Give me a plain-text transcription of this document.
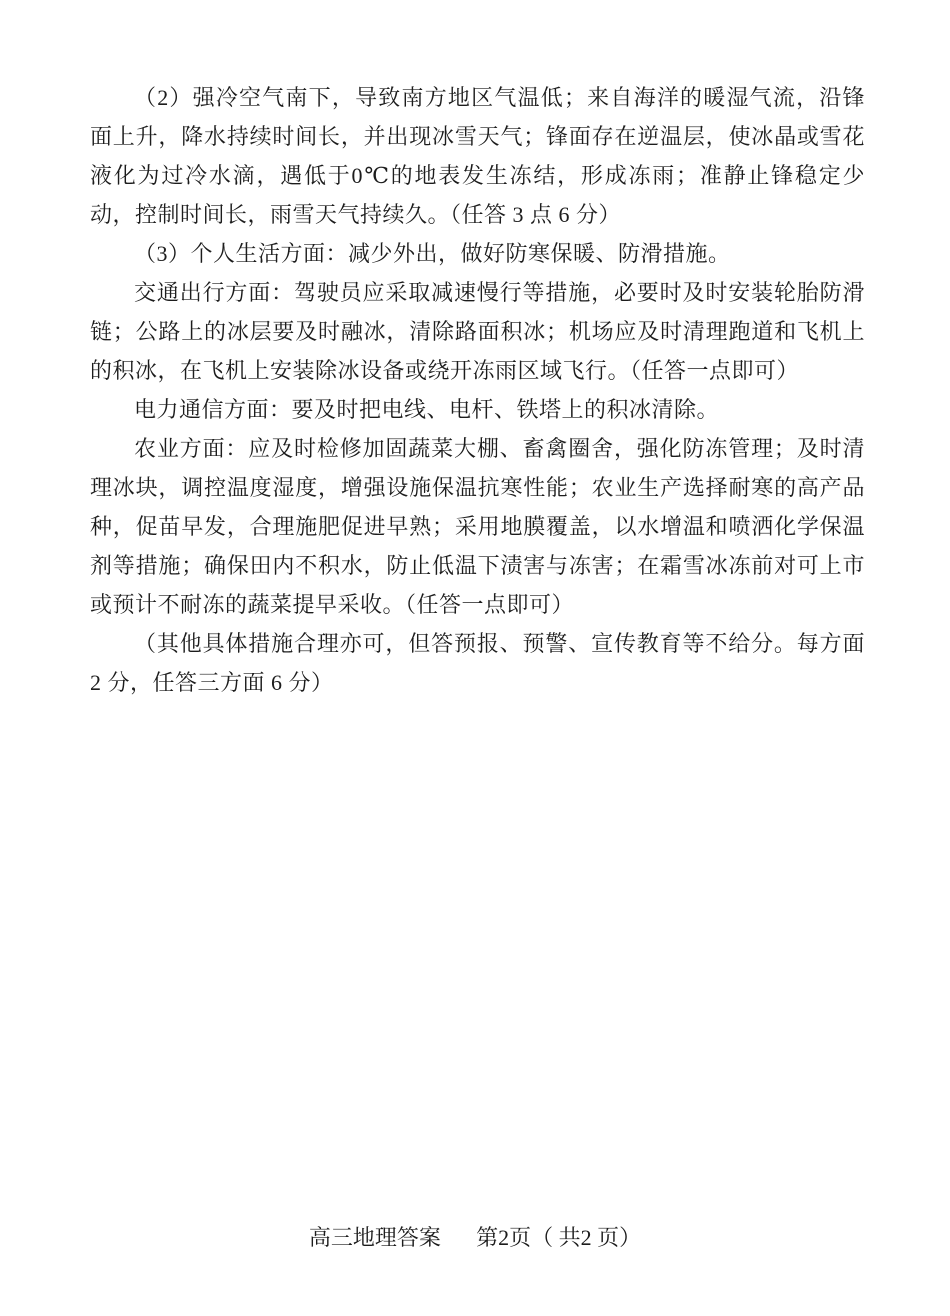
（2）强冷空气南下，导致南方地区气温低；来自海洋的暖湿气流，沿锋面上升，降水持续时间长，并出现冰雪天气；锋面存在逆温层，使冰晶或雪花液化为过冷水滴，遇低于0℃的地表发生冻结，形成冻雨；准静止锋稳定少动，控制时间长，雨雪天气持续久。（任答 3 点 6 分）

（3）个人生活方面：减少外出，做好防寒保暖、防滑措施。

交通出行方面：驾驶员应采取减速慢行等措施，必要时及时安装轮胎防滑链；公路上的冰层要及时融冰，清除路面积冰；机场应及时清理跑道和飞机上的积冰，在飞机上安装除冰设备或绕开冻雨区域飞行。（任答一点即可）

电力通信方面：要及时把电线、电杆、铁塔上的积冰清除。

农业方面：应及时检修加固蔬菜大棚、畜禽圈舍，强化防冻管理；及时清理冰块，调控温度湿度，增强设施保温抗寒性能；农业生产选择耐寒的高产品种，促苗早发，合理施肥促进早熟；采用地膜覆盖，以水增温和喷洒化学保温剂等措施；确保田内不积水，防止低温下渍害与冻害；在霜雪冰冻前对可上市或预计不耐冻的蔬菜提早采收。（任答一点即可）

（其他具体措施合理亦可，但答预报、预警、宣传教育等不给分。每方面 2 分，任答三方面 6 分）

高三地理答案 第2页（ 共2 页）
